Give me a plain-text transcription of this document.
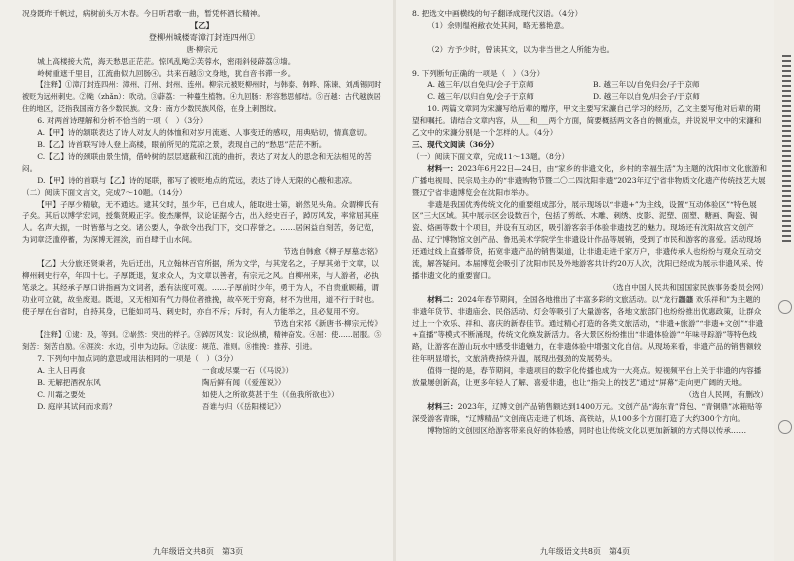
况身既昨千帆过，病树前头万木春。今日听君歌一曲，暂凭杯酒长精神。

【乙】

登柳州城楼寄漳汀封连四州①

唐·柳宗元

城上高楼接大荒，海天愁思正茫茫。惊风乱飐②芙蓉水，密雨斜侵薜荔③墙。

岭树重遮千里目，江流曲似九回肠④。共来百越⑤文身地，犹自音书滞一乡。

【注释】①漳汀封连四州：漳州、汀州、封州、连州。柳宗元被贬柳州时，与韩泰、韩晔、陈谏、刘禹锡同时被贬为远州刺史。②飐（zhǎn）：吹动。③薜荔：一种蔓生植物。④九回肠：形容愁思郁结。⑤百越：古代越族居住的地区，泛指我国南方各少数民族。文身：南方少数民族风俗，在身上刺图纹。

6. 对两首诗理解和分析不恰当的一项（　）（3分）

A.【甲】诗的颔联表达了诗人对友人的体恤和对岁月流逝、人事变迁的感叹，用典贴切，情真意切。

B.【乙】诗首联写诗人登上高楼，眼前所见的荒凉之景，表现自己的“愁思”茫茫不断。

C.【乙】诗的颈联由景生情，借岭树的层层遮蔽和江流的曲折，表达了对友人的思念和无法相见的苦闷。

D.【甲】诗的首联与【乙】诗的尾联，都写了被贬地点的荒远，表达了诗人无限的心酸和悲凉。

（二）阅读下面文言文，完成7～10题。（14分）

【甲】子厚少精敏，无不通达。逮其父时，虽少年，已自成人，能取进士第，崭然见头角。众谓柳氏有子矣。其后以博学宏词，授集贤殿正字。俊杰廉悍，议论证据今古，出入经史百子，踔厉风发，率常屈其座人。名声大振，一时皆慕与之交。诸公要人，争欲令出我门下，交口荐誉之。……居闲益自刻苦，务记览，为词章泛滥停蓄，为深博无涯涘，而自肆于山水间。

节选自韩愈《柳子厚墓志铭》

【乙】大分旅还贤秉者，先后迁出，凡立翰林百官所据，所为文学，与其宠名之，子厚其弟于文章，以柳州刺史行卒，年四十七。子厚既退，复求众人，为文章以善者，有宗元之风。自柳州来，与人游者，必执笔录之。其经承子厚口讲指画为文词者，悉有法度可观。……子厚前时少年，勇于为人，不自贵重顾藉，谓功业可立就，故坐废退。既退，又无相知有气力得位者推挽，故卒死于穷裔，材不为世用，道不行于时也。使子厚在台省时，自持其身，已能如司马、刺史时，亦自不斥；斥时，有人力能举之，且必复用不穷。

节选自宋祁《新唐书·柳宗元传》

【注释】①逮：及，等到。②崭然：突出的样子。③踔厉风发：议论纵横，精神奋发。④屈：使……屈服。⑤刻苦：刻苦自励。⑥涯涘：水边，引申为边际。⑦法度：规范、准则。⑧推挽：推荐、引进。

7. 下列句中加点词的意思或用法相同的一项是（　）（3分）

A. 主人日再食	一食或尽粟一石（《马说》）
B. 无解把酒祝东风	陶后鲜有闻（《爱莲说》）
C. 川霜之要处	如使人之所欲莫甚于生（《鱼我所欲也》）
D. 庭岸其试问而求焉？	吾谁与归（《岳阳楼记》）
九年级语文共8页　第3页

8. 把选文中画横线的句子翻译成现代汉语。（4分）

（1）余则缊袍敝衣处其间，略无慕艳意。

（2）方予少时，曾读其文，以为非当世之人所能为也。

9. 下列断句正确的一项是（　）（3分）

A. 越三年/以自免归/会子于京师	B. 越三年以/自免归会/子于京师
C. 越三年/以归自免/会子于京师	D. 越三年以自免/归会子/于京师

10. 两篇文章同为宋濂写给后辈的赠序，甲文主要写宋濂自己学习的经历，乙文主要写他对后辈的期望和嘱托。请结合文章内容，从___和___两个方面，简要概括两文各自的侧重点，并说说甲文中的宋濂和乙文中的宋濂分别是一个怎样的人。（4分）

三、现代文阅读（36分）

（一）阅读下面文章，完成11～13题。（8分）

材料一：2023年6月22日—24日，由“家乡的非遗文化，乡村的幸福生活”为主题的沈阳市文化旅游和广播电视局、民宗局主办的“非遗购物节暨二〇二四沈阳非遗”2023年辽宁省非物质文化遗产传统技艺大展暨辽宁省非遗博览会在沈阳市举办。

非遗是我国优秀传统文化的重要组成部分，展示现场以“非遗+”为主线，设置“互动体验区”“特色展区”三大区域。其中展示区会设数百个，包括了剪纸、木雕、刺绣、皮影、泥塑、面塑、糖画、陶瓷、锔瓷、烙画等数十个项目，并设有互动区，吸引游客亲手体验非遗技艺的魅力。现场还有沈阳故宫文创产品、辽宁博物馆文创产品、鲁迅美术学院学生非遗设计作品等展销，受到了市民和游客的喜爱。活动现场还通过线上直播带货，拓宽非遗产品的销售渠道，让非遗走进千家万户，非遗传承人也纷纷与观众互动交流，解答疑问。本届博览会吸引了沈阳市民及外地游客共计约20万人次，沈阳已经成为展示非遗风采、传播非遗文化的重要窗口。

（选自中国人民共和国国家民族事务委员会网）

材料二：2024年春节期间，全国各地推出了丰富多彩的文旅活动。以“龙行龘龘 欢乐祥和”为主题的非遗年货节、非遗庙会、民俗活动、灯会等吸引了大量游客，各地文旅部门也纷纷推出优惠政策，让群众过上一个欢乐、祥和、喜庆的新春佳节。通过精心打造的各类文旅活动，“非遗+旅游”“非遗+文创”“非遗+直播”等模式不断涌现，传统文化焕发新活力。各大景区纷纷推出“非遗体验游”“年味寻踪游”等特色线路，让游客在游山玩水中感受非遗魅力，在非遗体验中增强文化自信。从现场来看，非遗产品的销售额较往年明显增长，文旅消费持续升温，展现出强劲的发展势头。

值得一提的是，春节期间，非遗项目的数字化传播也成为一大亮点。短视频平台上关于非遗的内容播放量屡创新高，让更多年轻人了解、喜爱非遗，也让“指尖上的技艺”通过“屏幕”走向更广阔的天地。

（选自人民网，有删改）

材料三：2023年，辽博文创产品销售额达到1400万元。文创产品“海东青”背包、“青铜鼎”冰箱贴等深受游客青睐，“辽博精品”文创商店走进了机场、高铁站，从100多个方面打造了大约300个方向。

博物馆的文创园区给游客带来良好的体验感，同时也让传统文化以更加新颖的方式得以传承……

九年级语文共8页　第4页
